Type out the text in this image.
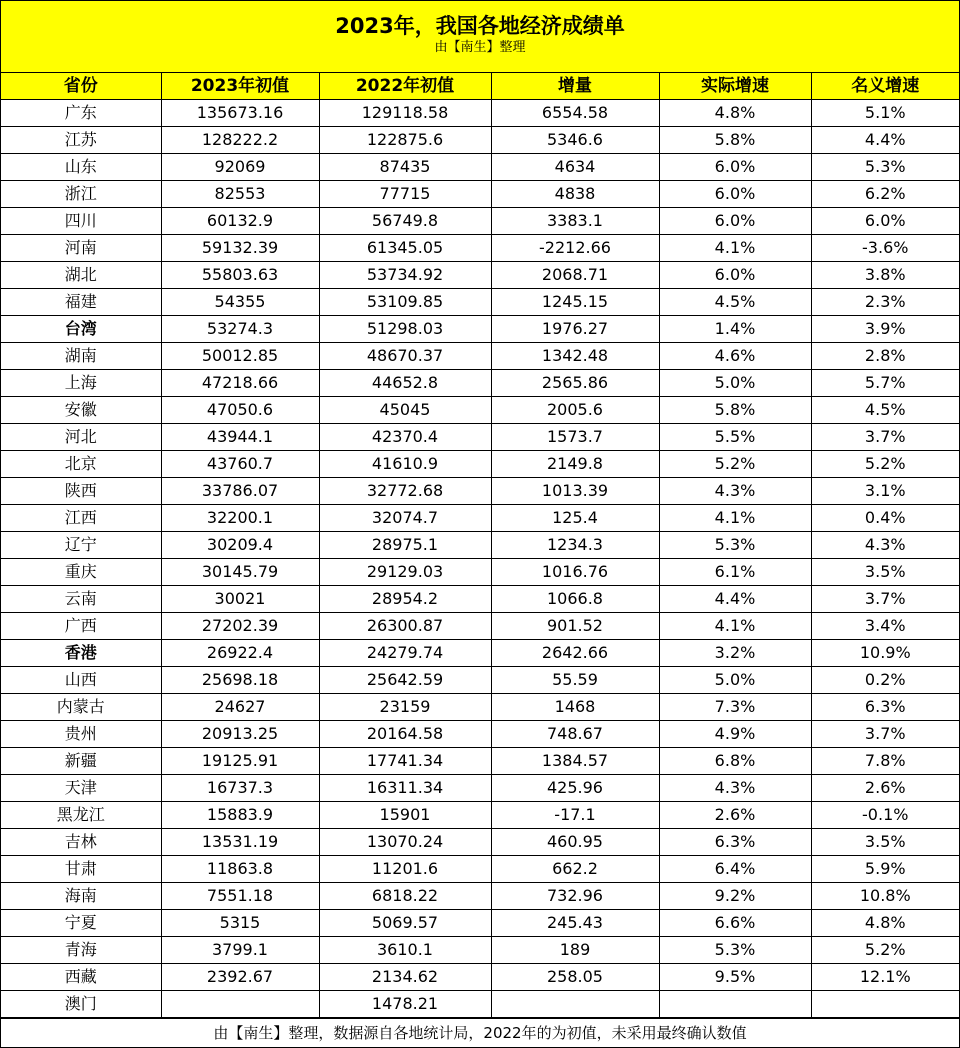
2023年，我国各地经济成绩单
由【南生】整理
省份	2023年初值	2022年初值	增量	实际增速	名义增速
广东	135673.16	129118.58	6554.58	4.8%	5.1%
江苏	128222.2	122875.6	5346.6	5.8%	4.4%
山东	92069	87435	4634	6.0%	5.3%
浙江	82553	77715	4838	6.0%	6.2%
四川	60132.9	56749.8	3383.1	6.0%	6.0%
河南	59132.39	61345.05	-2212.66	4.1%	-3.6%
湖北	55803.63	53734.92	2068.71	6.0%	3.8%
福建	54355	53109.85	1245.15	4.5%	2.3%
台湾	53274.3	51298.03	1976.27	1.4%	3.9%
湖南	50012.85	48670.37	1342.48	4.6%	2.8%
上海	47218.66	44652.8	2565.86	5.0%	5.7%
安徽	47050.6	45045	2005.6	5.8%	4.5%
河北	43944.1	42370.4	1573.7	5.5%	3.7%
北京	43760.7	41610.9	2149.8	5.2%	5.2%
陕西	33786.07	32772.68	1013.39	4.3%	3.1%
江西	32200.1	32074.7	125.4	4.1%	0.4%
辽宁	30209.4	28975.1	1234.3	5.3%	4.3%
重庆	30145.79	29129.03	1016.76	6.1%	3.5%
云南	30021	28954.2	1066.8	4.4%	3.7%
广西	27202.39	26300.87	901.52	4.1%	3.4%
香港	26922.4	24279.74	2642.66	3.2%	10.9%
山西	25698.18	25642.59	55.59	5.0%	0.2%
内蒙古	24627	23159	1468	7.3%	6.3%
贵州	20913.25	20164.58	748.67	4.9%	3.7%
新疆	19125.91	17741.34	1384.57	6.8%	7.8%
天津	16737.3	16311.34	425.96	4.3%	2.6%
黑龙江	15883.9	15901	-17.1	2.6%	-0.1%
吉林	13531.19	13070.24	460.95	6.3%	3.5%
甘肃	11863.8	11201.6	662.2	6.4%	5.9%
海南	7551.18	6818.22	732.96	9.2%	10.8%
宁夏	5315	5069.57	245.43	6.6%	4.8%
青海	3799.1	3610.1	189	5.3%	5.2%
西藏	2392.67	2134.62	258.05	9.5%	12.1%
澳门		1478.21			
由【南生】整理，数据源自各地统计局，2022年的为初值，未采用最终确认数值
